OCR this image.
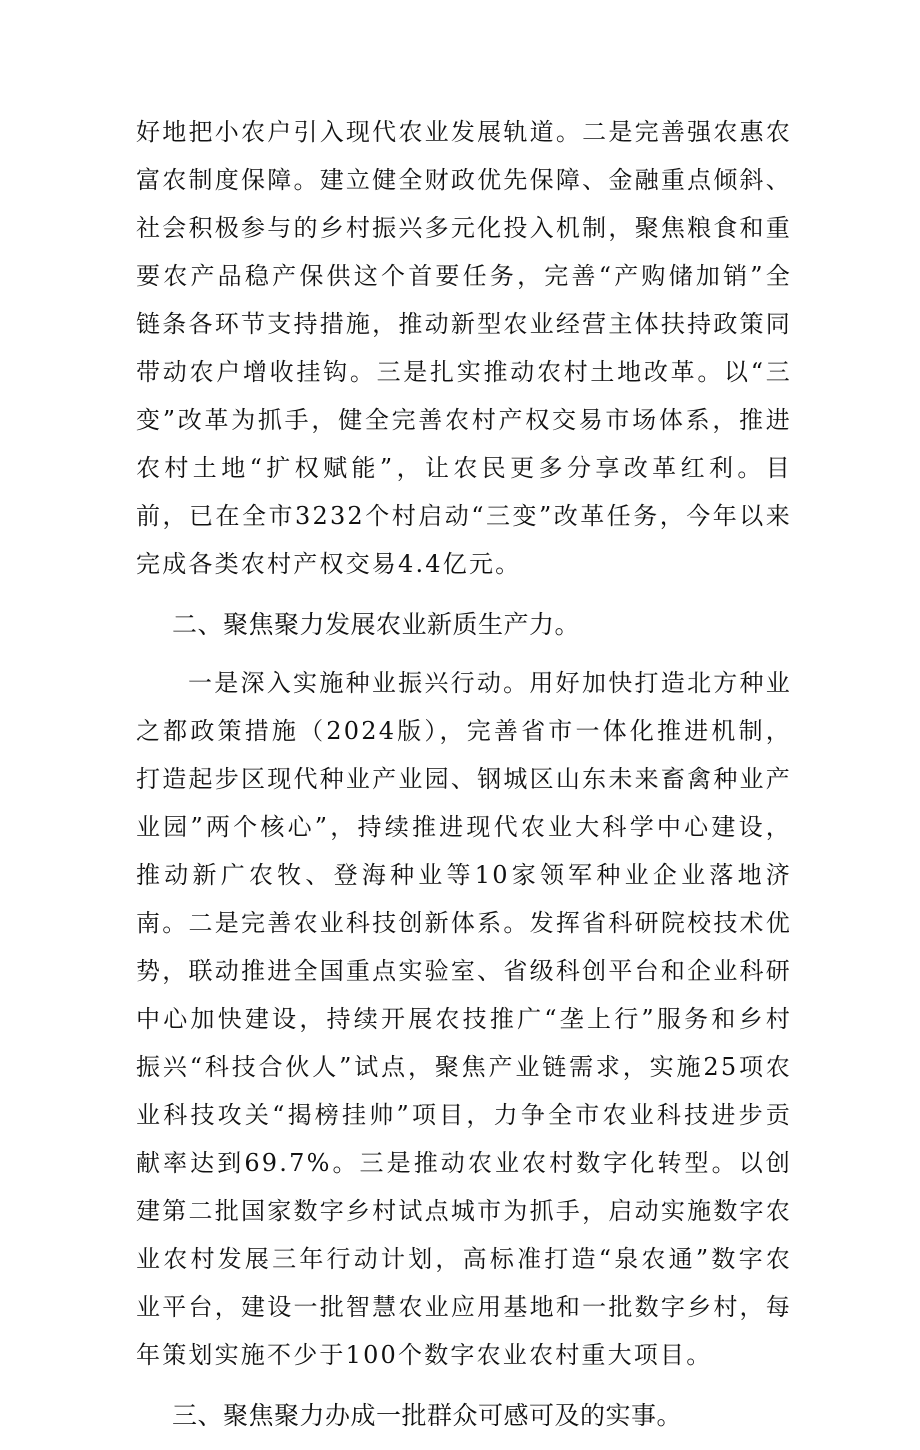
好地把小农户引入现代农业发展轨道。二是完善强农惠农富农制度保障。建立健全财政优先保障、金融重点倾斜、社会积极参与的乡村振兴多元化投入机制，聚焦粮食和重要农产品稳产保供这个首要任务，完善“产购储加销”全链条各环节支持措施，推动新型农业经营主体扶持政策同带动农户增收挂钩。三是扎实推动农村土地改革。以“三变”改革为抓手，健全完善农村产权交易市场体系，推进农村土地“扩权赋能”，让农民更多分享改革红利。目前，已在全市3232个村启动“三变”改革任务，今年以来完成各类农村产权交易4.4亿元。

二、聚焦聚力发展农业新质生产力。

一是深入实施种业振兴行动。用好加快打造北方种业之都政策措施（2024版），完善省市一体化推进机制，打造起步区现代种业产业园、钢城区山东未来畜禽种业产业园”两个核心”，持续推进现代农业大科学中心建设，推动新广农牧、登海种业等10家领军种业企业落地济南。二是完善农业科技创新体系。发挥省科研院校技术优势，联动推进全国重点实验室、省级科创平台和企业科研中心加快建设，持续开展农技推广“垄上行”服务和乡村振兴“科技合伙人”试点，聚焦产业链需求，实施25项农业科技攻关“揭榜挂帅”项目，力争全市农业科技进步贡献率达到69.7%。三是推动农业农村数字化转型。以创建第二批国家数字乡村试点城市为抓手，启动实施数字农业农村发展三年行动计划，高标准打造“泉农通”数字农业平台，建设一批智慧农业应用基地和一批数字乡村，每年策划实施不少于100个数字农业农村重大项目。

三、聚焦聚力办成一批群众可感可及的实事。
